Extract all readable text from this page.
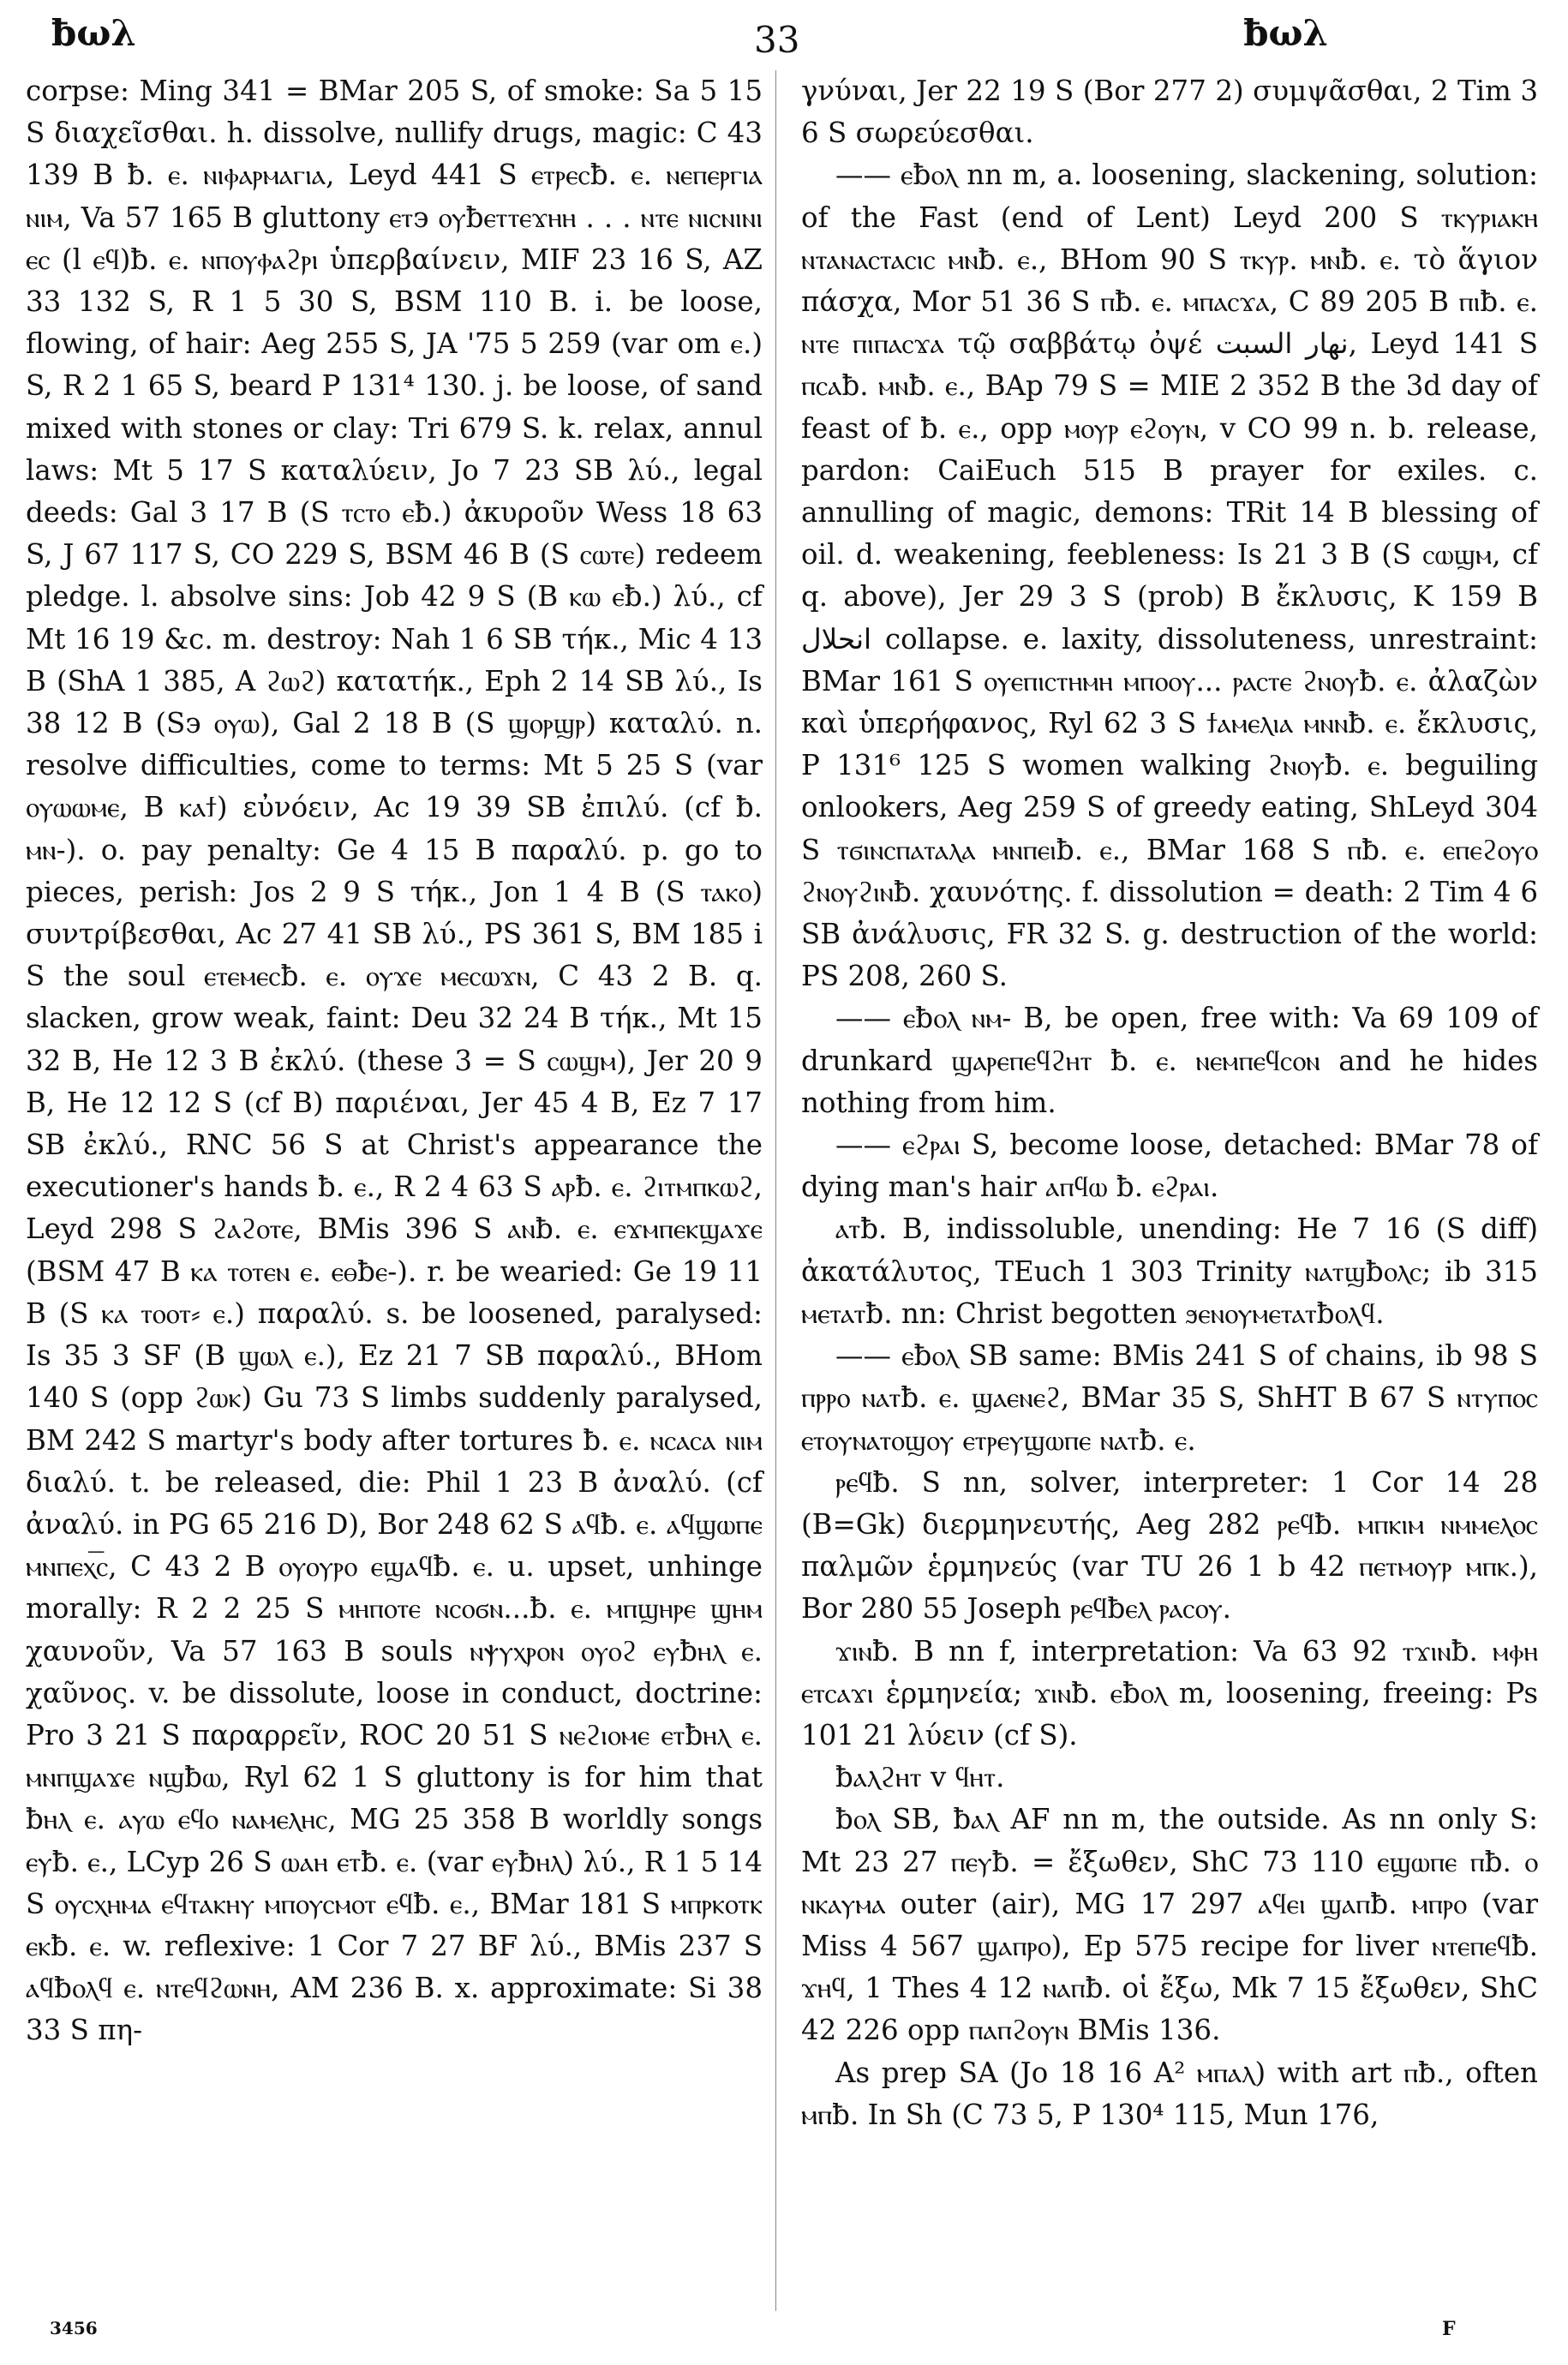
ƀωλ	33	ƀωλ

corpse: Ming 341 = BMar 205 S, of smoke: Sa 5 15 S διαχεῖσθαι. h. dissolve, nullify drugs, magic: C 43 139 B ƀ. ⲉ. ⲛⲓⲫⲁⲣⲙⲁⲅⲓⲁ, Leyd 441 S ⲉⲧⲣⲉⲥƀ. ⲉ. ⲛⲉⲡⲉⲣⲅⲓⲁ ⲛⲓⲙ, Va 57 165 B gluttony ⲉⲧ϶ ⲟⲩƀⲉⲧⲧⲉϫⲏⲏ . . . ⲛⲧⲉ ⲛⲓⲥⲛⲓⲛⲓ ⲉⲥ (l ⲉϥ)ƀ. ⲉ. ⲛⲡⲟⲩⲫⲁϩⲣⲓ ὑπερβαίνειν, MIF 23 16 S, AZ 33 132 S, R 1 5 30 S, BSM 110 B. i. be loose, flowing, of hair: Aeg 255 S, JA '75 5 259 (var om ⲉ.) S, R 2 1 65 S, beard P 131⁴ 130. j. be loose, of sand mixed with stones or clay: Tri 679 S. k. relax, annul laws: Mt 5 17 S καταλύειν, Jo 7 23 SB λύ., legal deeds: Gal 3 17 B (S ⲧⲥⲧⲟ ⲉƀ.) ἀκυροῦν Wess 18 63 S, J 67 117 S, CO 229 S, BSM 46 B (S ⲥⲱⲧⲉ) redeem pledge. l. absolve sins: Job 42 9 S (B ⲕⲱ ⲉƀ.) λύ., cf Mt 16 19 &c. m. destroy: Nah 1 6 SB τήκ., Mic 4 13 B (ShA 1 385, A ϩⲱϩ) κατατήκ., Eph 2 14 SB λύ., Is 38 12 B (S϶ ⲟⲩⲱ), Gal 2 18 B (S ϣⲟⲣϣⲣ) καταλύ. n. resolve difficulties, come to terms: Mt 5 25 S (var ⲟⲩⲱⲱⲙⲉ, B ⲕⲁϯ) εὐνόειν, Ac 19 39 SB ἐπιλύ. (cf ƀ. ⲙⲛ-). o. pay penalty: Ge 4 15 B παραλύ. p. go to pieces, perish: Jos 2 9 S τήκ., Jon 1 4 B (S ⲧⲁⲕⲟ) συντρίβεσθαι, Ac 27 41 SB λύ., PS 361 S, BM 185 i S the soul ⲉⲧⲉⲙⲉⲥƀ. ⲉ. ⲟⲩϫⲉ ⲙⲉⲥⲱϫⲛ, C 43 2 B. q. slacken, grow weak, faint: Deu 32 24 B τήκ., Mt 15 32 B, He 12 3 B ἐκλύ. (these 3 = S ⲥⲱϣⲙ), Jer 20 9 B, He 12 12 S (cf B) παριέναι, Jer 45 4 B, Ez 7 17 SB ἐκλύ., RNC 56 S at Christ's appearance the executioner's hands ƀ. ⲉ., R 2 4 63 S ⲁⲣƀ. ⲉ. ϩⲓⲧⲙⲡⲕⲱϩ, Leyd 298 S ϩⲁϩⲟⲧⲉ, BMis 396 S ⲁⲛƀ. ⲉ. ⲉϫⲙⲡⲉⲕϣⲁϫⲉ (BSM 47 B ⲕⲁ ⲧⲟⲧⲉⲛ ⲉ. ⲉⲑƀⲉ-). r. be wearied: Ge 19 11 B (S ⲕⲁ ⲧⲟⲟⲧ⸗ ⲉ.) παραλύ. s. be loosened, paralysed: Is 35 3 SF (B ϣⲱⲗ ⲉ.), Ez 21 7 SB παραλύ., BHom 140 S (opp ϩⲱⲕ) Gu 73 S limbs suddenly paralysed, BM 242 S martyr's body after tortures ƀ. ⲉ. ⲛⲥⲁⲥⲁ ⲛⲓⲙ διαλύ. t. be released, die: Phil 1 23 B ἀναλύ. (cf ἀναλύ. in PG 65 216 D), Bor 248 62 S ⲁϥƀ. ⲉ. ⲁϥϣⲱⲡⲉ ⲙⲛⲡⲉⲭ͞ⲥ, C 43 2 B ⲟⲩⲟⲩⲣⲟ ⲉϣⲁϥƀ. ⲉ. u. upset, unhinge morally: R 2 2 25 S ⲙⲏⲡⲟⲧⲉ ⲛⲥⲟϭⲛ...ƀ. ⲉ. ⲙⲡϣⲏⲣⲉ ϣⲏⲙ χαυνοῦν, Va 57 163 B souls ⲛⲯⲩⲭⲣⲟⲛ ⲟⲩⲟϩ ⲉⲩƀⲏⲗ ⲉ. χαῦνος. v. be dissolute, loose in conduct, doctrine: Pro 3 21 S παραρρεῖν, ROC 20 51 S ⲛⲉϩⲓⲟⲙⲉ ⲉⲧƀⲏⲗ ⲉ. ⲙⲛⲡϣⲁϫⲉ ⲛϣƀⲱ, Ryl 62 1 S gluttony is for him that ƀⲏⲗ ⲉ. ⲁⲩⲱ ⲉϥⲟ ⲛⲁⲙⲉⲗⲏⲥ, MG 25 358 B worldly songs ⲉⲩƀ. ⲉ., LCyp 26 S ⲱⲁⲏ ⲉⲧƀ. ⲉ. (var ⲉⲩƀⲏⲗ) λύ., R 1 5 14 S ⲟⲩⲥⲭⲏⲙⲁ ⲉϥⲧⲁⲕⲏⲩ ⲙⲡⲟⲩⲥⲙⲟⲧ ⲉϥƀ. ⲉ., BMar 181 S ⲙⲡⲣⲕⲟⲧⲕ ⲉⲕƀ. ⲉ. w. reflexive: 1 Cor 7 27 BF λύ., BMis 237 S ⲁϥƀⲟⲗϥ ⲉ. ⲛⲧⲉϥϩⲱⲛⲏ, AM 236 B. x. approximate: Si 38 33 S πη-

γνύναι, Jer 22 19 S (Bor 277 2) συμψᾶσθαι, 2 Tim 3 6 S σωρεύεσθαι.

—— ⲉƀⲟⲗ nn m, a. loosening, slackening, solution: of the Fast (end of Lent) Leyd 200 S ⲧⲕⲩⲣⲓⲁⲕⲏ ⲛⲧⲁⲛⲁⲥⲧⲁⲥⲓⲥ ⲙⲛƀ. ⲉ., BHom 90 S ⲧⲕⲩⲣ. ⲙⲛƀ. ⲉ. τὸ ἅγιον πάσχα, Mor 51 36 S ⲡƀ. ⲉ. ⲙⲡⲁⲥϫⲁ, C 89 205 B ⲡⲓƀ. ⲉ. ⲛⲧⲉ ⲡⲓⲡⲁⲥϫⲁ τῷ σαββάτῳ ὀψέ نهار السبت, Leyd 141 S ⲡⲥⲁƀ. ⲙⲛƀ. ⲉ., BAp 79 S = MIE 2 352 B the 3d day of feast of ƀ. ⲉ., opp ⲙⲟⲩⲣ ⲉϩⲟⲩⲛ, v CO 99 n. b. release, pardon: CaiEuch 515 B prayer for exiles. c. annulling of magic, demons: TRit 14 B blessing of oil. d. weakening, feebleness: Is 21 3 B (S ⲥⲱϣⲙ, cf q. above), Jer 29 3 S (prob) B ἔκλυσις, K 159 B انحلال collapse. e. laxity, dissoluteness, unrestraint: BMar 161 S ⲟⲩⲉⲡⲓⲥⲧⲏⲙⲏ ⲙⲡⲟⲟⲩ... ⲣⲁⲥⲧⲉ ϩⲛⲟⲩƀ. ⲉ. ἀλαζὼν καὶ ὑπερήφανος, Ryl 62 3 S ϯⲁⲙⲉⲗⲓⲁ ⲙⲛⲛƀ. ⲉ. ἔκλυσις, P 131⁶ 125 S women walking ϩⲛⲟⲩƀ. ⲉ. beguiling onlookers, Aeg 259 S of greedy eating, ShLeyd 304 S ⲧϭⲓⲛⲥⲡⲁⲧⲁⲗⲁ ⲙⲛⲡⲉⲓƀ. ⲉ., BMar 168 S ⲡƀ. ⲉ. ⲉⲡⲉϩⲟⲩⲟ ϩⲛⲟⲩϩⲓⲛƀ. χαυνότης. f. dissolution = death: 2 Tim 4 6 SB ἀνάλυσις, FR 32 S. g. destruction of the world: PS 208, 260 S.

—— ⲉƀⲟⲗ ⲛⲙ- B, be open, free with: Va 69 109 of drunkard ϣⲁⲣⲉⲡⲉϥϩⲏⲧ ƀ. ⲉ. ⲛⲉⲙⲡⲉϥⲥⲟⲛ and he hides nothing from him.

—— ⲉϩⲣⲁⲓ S, become loose, detached: BMar 78 of dying man's hair ⲁⲡϥⲱ ƀ. ⲉϩⲣⲁⲓ.

ⲁⲧƀ. B, indissoluble, unending: He 7 16 (S diff) ἀκατάλυτος, TEuch 1 303 Trinity ⲛⲁⲧϣƀⲟⲗⲥ; ib 315 ⲙⲉⲧⲁⲧƀ. nn: Christ begotten ϧⲉⲛⲟⲩⲙⲉⲧⲁⲧƀⲟⲗϥ.

—— ⲉƀⲟⲗ SB same: BMis 241 S of chains, ib 98 S ⲡⲣⲣⲟ ⲛⲁⲧƀ. ⲉ. ϣⲁⲉⲛⲉϩ, BMar 35 S, ShHT B 67 S ⲛⲧⲩⲡⲟⲥ ⲉⲧⲟⲩⲛⲁⲧⲟϣⲟⲩ ⲉⲧⲣⲉⲩϣⲱⲡⲉ ⲛⲁⲧƀ. ⲉ.

ⲣⲉϥƀ. S nn, solver, interpreter: 1 Cor 14 28 (B=Gk) διερμηνευτής, Aeg 282 ⲣⲉϥƀ. ⲙⲡⲕⲓⲙ ⲛⲙⲙⲉⲗⲟⲥ παλμῶν ἑρμηνεύς (var TU 26 1 b 42 ⲡⲉⲧⲙⲟⲩⲣ ⲙⲡⲕ.), Bor 280 55 Joseph ⲣⲉϥƀⲉⲗ ⲣⲁⲥⲟⲩ.

ϫⲓⲛƀ. B nn f, interpretation: Va 63 92 ⲧϫⲓⲛƀ. ⲙⲫⲏ ⲉⲧⲥⲁϫⲓ ἑρμηνεία; ϫⲓⲛƀ. ⲉƀⲟⲗ m, loosening, freeing: Ps 101 21 λύειν (cf S).

ƀⲁⲗϩⲏⲧ v ϥⲏⲧ.

ƀⲟⲗ SB, ƀⲁⲗ AF nn m, the outside. As nn only S: Mt 23 27 ⲡⲉⲩƀ. = ἔξωθεν, ShC 73 110 ⲉϣⲱⲡⲉ ⲡƀ. ⲟ ⲛⲕⲁⲩⲙⲁ outer (air), MG 17 297 ⲁϥⲉⲓ ϣⲁⲡƀ. ⲙⲡⲣⲟ (var Miss 4 567 ϣⲁⲡⲣⲟ), Ep 575 recipe for liver ⲛⲧⲉⲡⲉϥƀ. ϫⲏϥ, 1 Thes 4 12 ⲛⲁⲡƀ. οἱ ἔξω, Mk 7 15 ἔξωθεν, ShC 42 226 opp ⲡⲁⲡϩⲟⲩⲛ BMis 136.

As prep SA (Jo 18 16 A² ⲙⲡⲁⲗ) with art ⲡƀ., often ⲙⲡƀ. In Sh (C 73 5, P 130⁴ 115, Mun 176,

3456	F
